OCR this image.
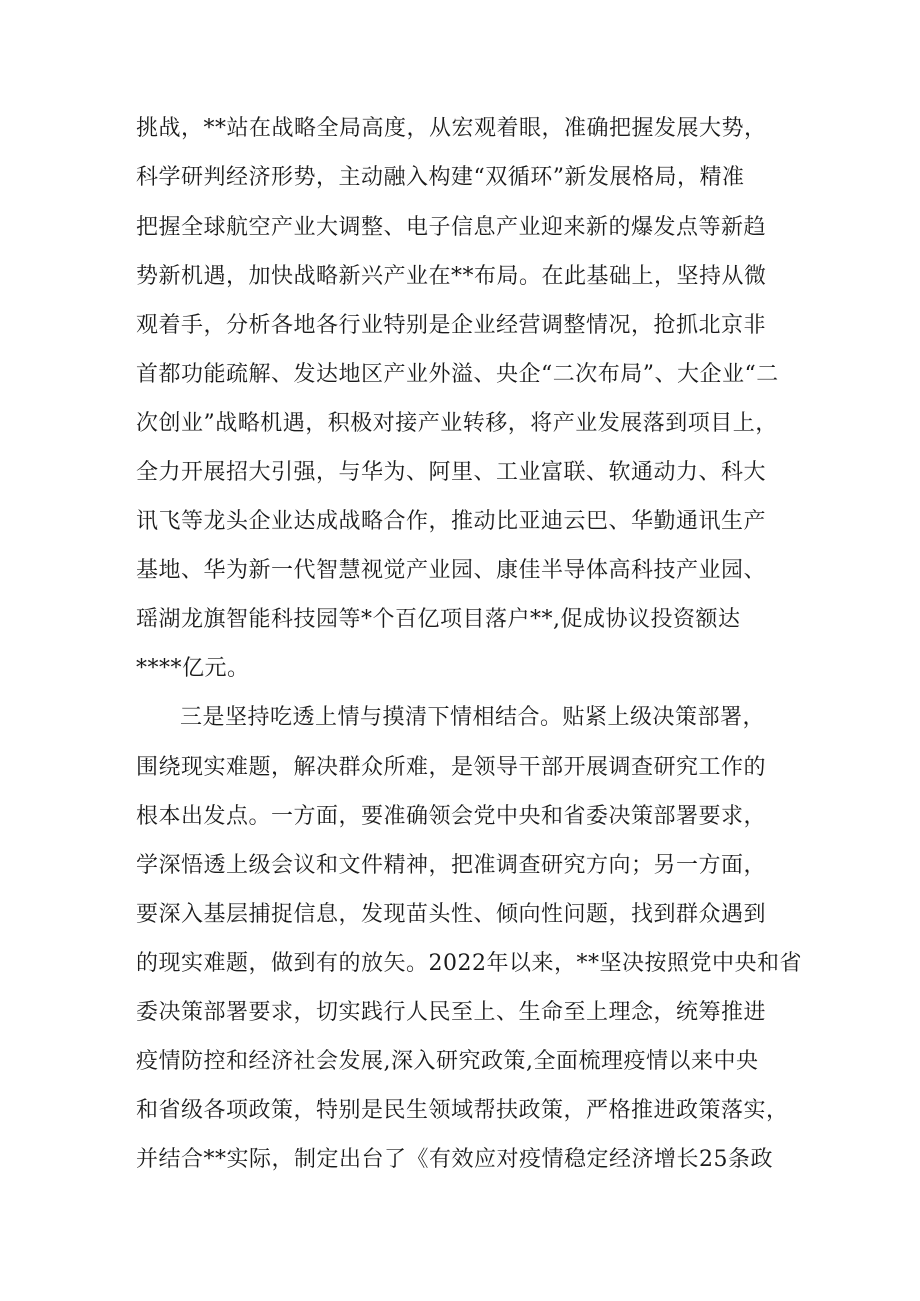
挑战，**站在战略全局高度，从宏观着眼，准确把握发展大势，
科学研判经济形势，主动融入构建“双循环”新发展格局，精准
把握全球航空产业大调整、电子信息产业迎来新的爆发点等新趋
势新机遇，加快战略新兴产业在**布局。在此基础上，坚持从微
观着手，分析各地各行业特别是企业经营调整情况，抢抓北京非
首都功能疏解、发达地区产业外溢、央企“二次布局”、大企业“二
次创业”战略机遇，积极对接产业转移，将产业发展落到项目上，
全力开展招大引强，与华为、阿里、工业富联、软通动力、科大
讯飞等龙头企业达成战略合作，推动比亚迪云巴、华勤通讯生产
基地、华为新一代智慧视觉产业园、康佳半导体高科技产业园、
瑶湖龙旗智能科技园等*个百亿项目落户**,促成协议投资额达
****亿元。
三是坚持吃透上情与摸清下情相结合。贴紧上级决策部署，
围绕现实难题，解决群众所难，是领导干部开展调查研究工作的
根本出发点。一方面，要准确领会党中央和省委决策部署要求，
学深悟透上级会议和文件精神，把准调查研究方向；另一方面，
要深入基层捕捉信息，发现苗头性、倾向性问题，找到群众遇到
的现实难题，做到有的放矢。2022年以来，**坚决按照党中央和省
委决策部署要求，切实践行人民至上、生命至上理念，统筹推进
疫情防控和经济社会发展,深入研究政策,全面梳理疫情以来中央
和省级各项政策，特别是民生领域帮扶政策，严格推进政策落实，
并结合**实际，制定出台了《有效应对疫情稳定经济增长25条政
